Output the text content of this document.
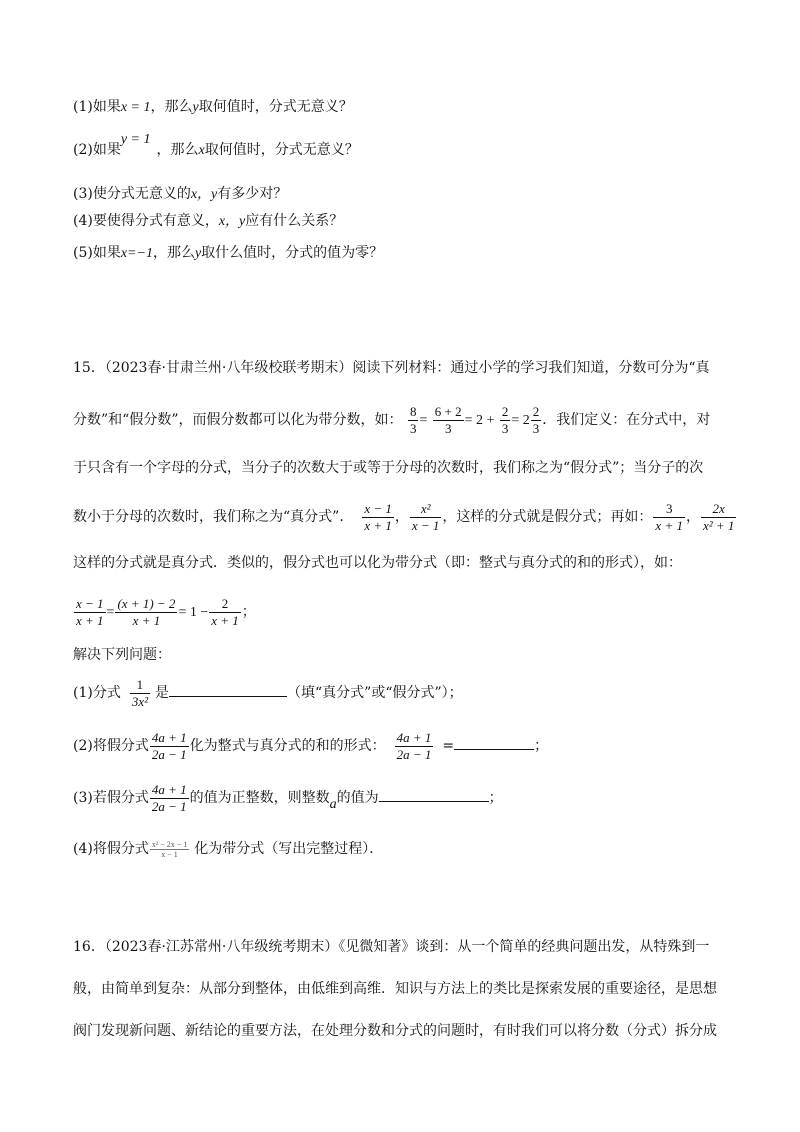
(1)如果x = 1，那么y取何值时，分式无意义？
(2)如果y = 1，那么x取何值时，分式无意义？
(3)使分式无意义的x，y有多少对？
(4)要使得分式有意义，x，y应有什么关系？
(5)如果x=−1，那么y取什么值时，分式的值为零？
15．（2023春·甘肃兰州·八年级校联考期末）阅读下列材料：通过小学的学习我们知道，分数可分为“真
分数”和“假分数”，而假分数都可以化为带分数，如： $\frac{8}{3} = \frac{6 + 2}{3} = 2 + \frac{2}{3} = 2 \frac{2}{3}$ ．我们定义：在分式中，对
于只含有一个字母的分式，当分子的次数大于或等于分母的次数时，我们称之为“假分式”；当分子的次
数小于分母的次数时，我们称之为“真分式”． $\frac{x - 1}{x + 1}$ ， $\frac{\text{x²}}{x - 1}$ ，这样的分式就是假分式；再如： $\frac{3}{x + 1}$ ， $\frac{2x}{\text{x² + 1}}$
这样的分式就是真分式．类似的，假分式也可以化为带分式（即：整式与真分式的和的形式），如：
$\frac{x - 1}{x + 1} = \frac{(x + 1) - 2}{x + 1} = 1 - \frac{2}{x + 1}$ ；
解决下列问题：
(1)分式 $\frac{1}{\text{3x²}}$ 是	（填“真分式”或“假分式”）；
(2)将假分式 $\frac{4a + 1}{2a - 1}$ 化为整式与真分式的和的形式： $\frac{4a + 1}{2a - 1}$ =	；
(3)若假分式 $\frac{4a + 1}{2a - 1}$ 的值为正整数，则整数a的值为	；
(4)将假分式 $\frac{\text{x² − 2x − 1}}{x - 1}$ 化为带分式（写出完整过程）．
16．（2023春·江苏常州·八年级统考期末）《见微知著》谈到：从一个简单的经典问题出发，从特殊到一
般，由简单到复杂：从部分到整体，由低维到高维．知识与方法上的类比是探索发展的重要途径，是思想
阀门发现新问题、新结论的重要方法，在处理分数和分式的问题时，有时我们可以将分数（分式）拆分成
